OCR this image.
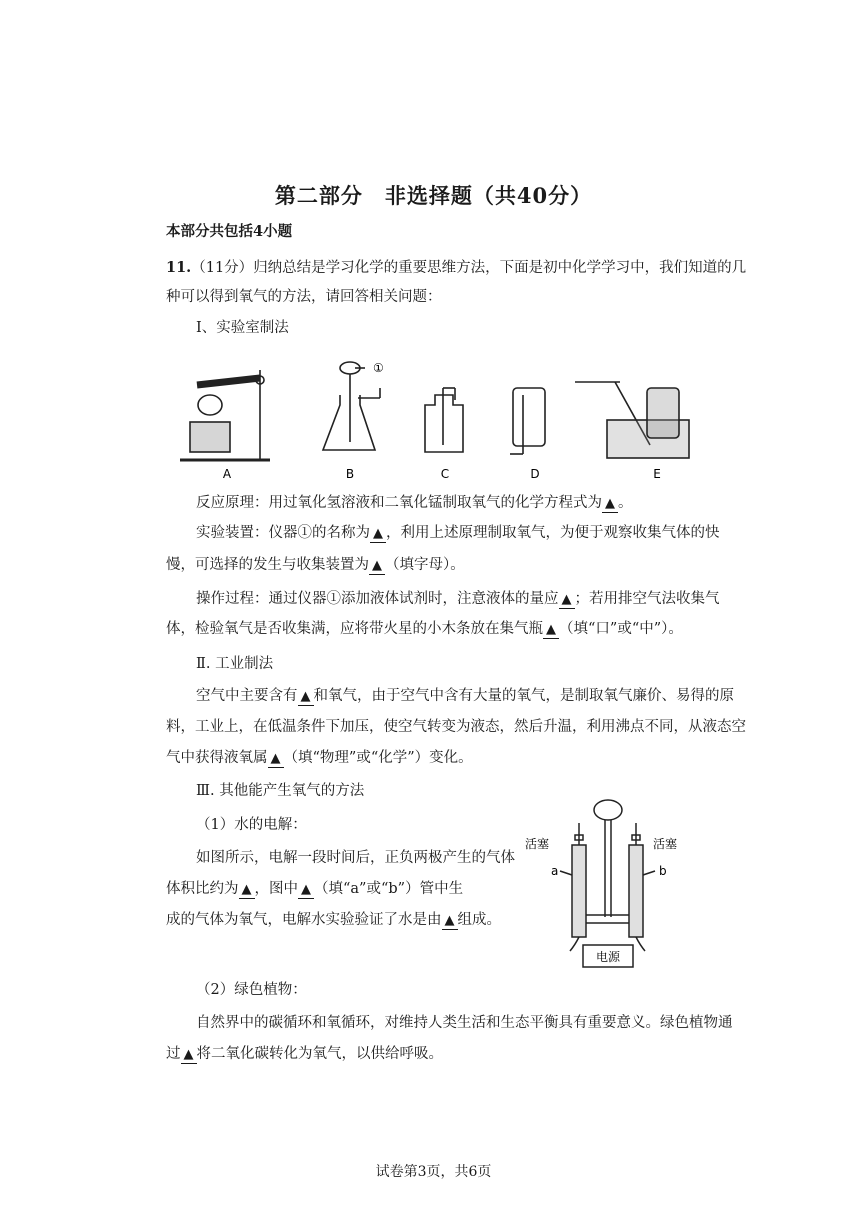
第二部分　非选择题（共40分）
本部分共包括4小题
11.（11分）归纳总结是学习化学的重要思维方法，下面是初中化学学习中，我们知道的几
种可以得到氧气的方法，请回答相关问题：
Ⅰ、实验室制法
A	B	C	D	E
①
反应原理：用过氧化氢溶液和二氧化锰制取氧气的化学方程式为 ▲ 。
实验装置：仪器①的名称为 ▲ ，利用上述原理制取氧气，为便于观察收集气体的快
慢，可选择的发生与收集装置为 ▲ （填字母）。
操作过程：通过仪器①添加液体试剂时，注意液体的量应 ▲ ；若用排空气法收集气
体，检验氧气是否收集满，应将带火星的小木条放在集气瓶 ▲ （填“口”或“中”）。
Ⅱ. 工业制法
空气中主要含有 ▲ 和氧气，由于空气中含有大量的氧气，是制取氧气廉价、易得的原
料，工业上，在低温条件下加压，使空气转变为液态，然后升温，利用沸点不同，从液态空
气中获得液氧属 ▲ （填“物理”或“化学”）变化。
Ⅲ. 其他能产生氧气的方法
（1）水的电解：
如图所示，电解一段时间后，正负两极产生的气体
体积比约为 ▲ ，图中 ▲ （填“a”或“b”）管中生
成的气体为氧气，电解水实验验证了水是由 ▲ 组成。
活塞	活塞
a	b
电源
（2）绿色植物：
自然界中的碳循环和氧循环，对维持人类生活和生态平衡具有重要意义。绿色植物通
过 ▲ 将二氧化碳转化为氧气，以供给呼吸。
试卷第3页，共6页
